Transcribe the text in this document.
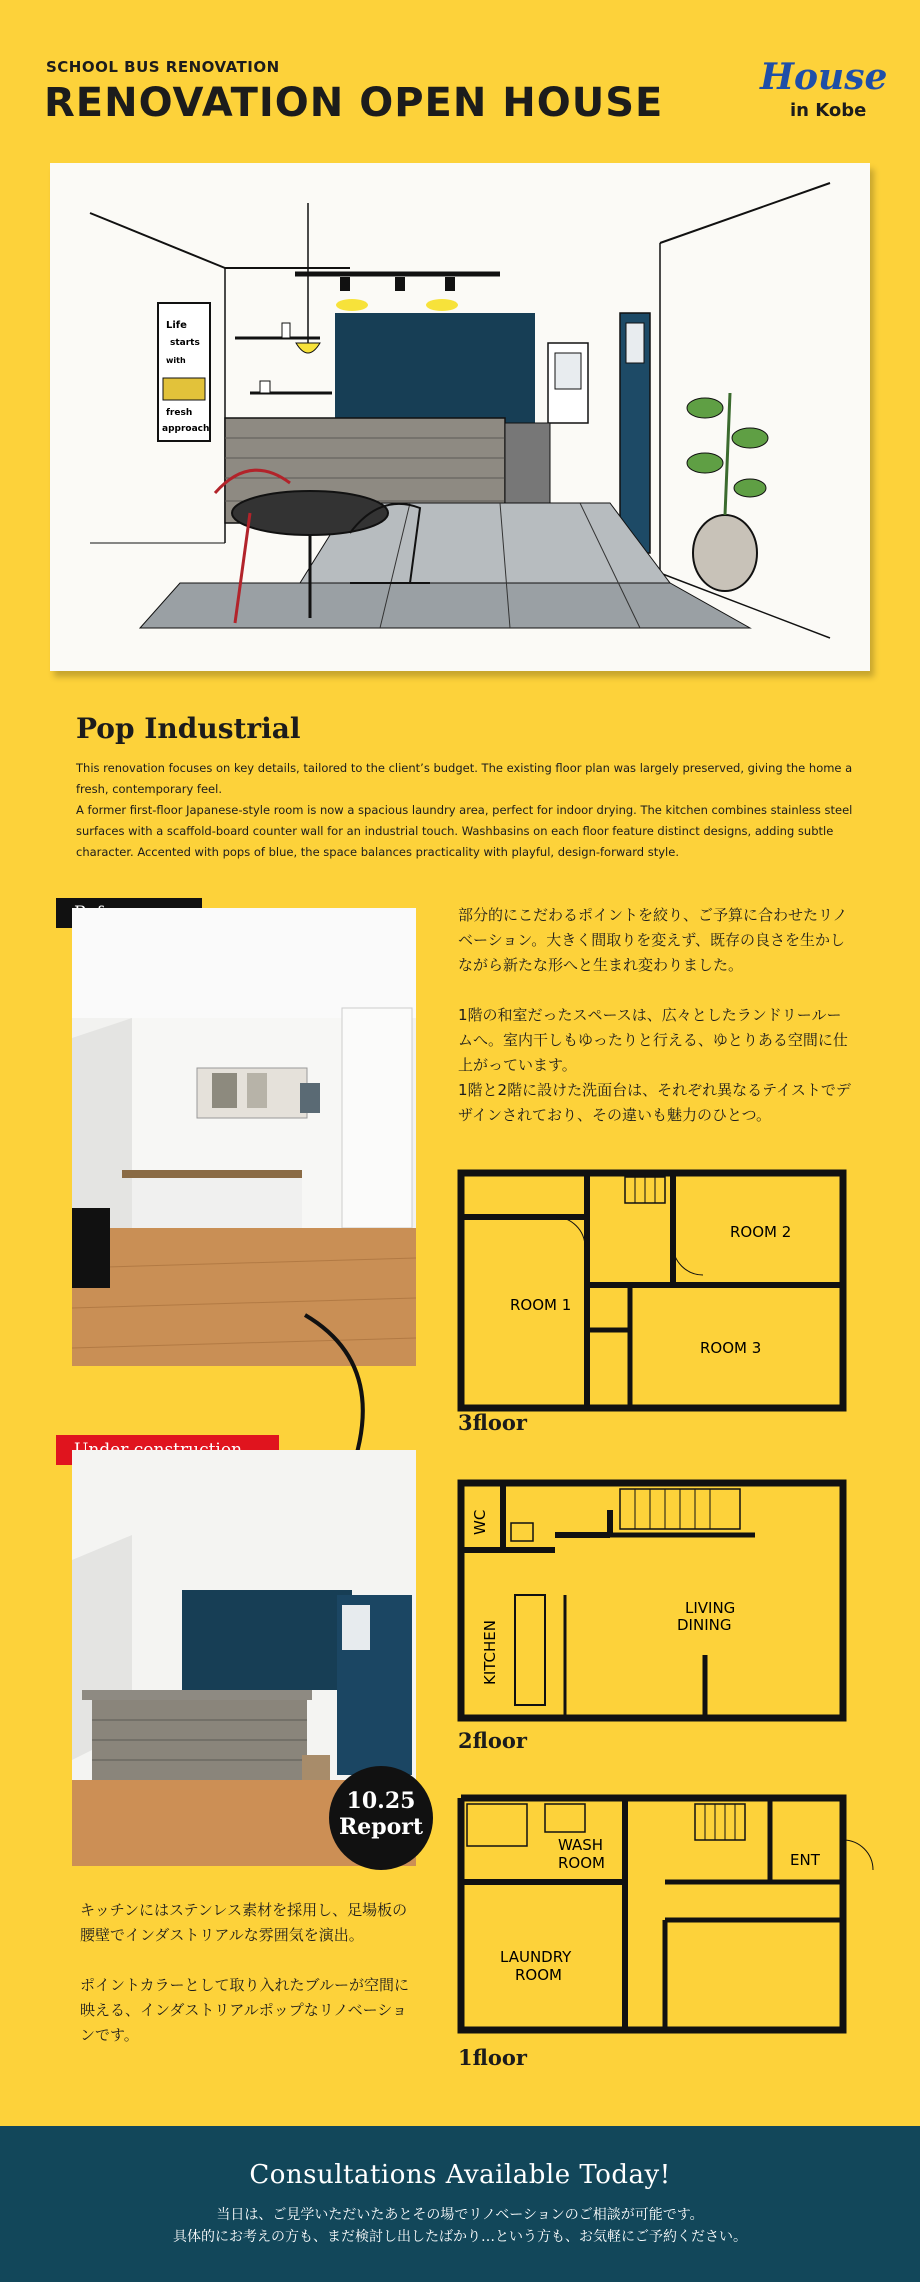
SCHOOL BUS RENOVATION
RENOVATION OPEN HOUSE
House
in Kobe
Life
starts
with
fresh
approach
Pop Industrial

This renovation focuses on key details, tailored to the client’s budget. The existing floor plan was largely preserved, giving the home a fresh, contemporary feel.

A former first-floor Japanese-style room is now a spacious laundry area, perfect for indoor drying. The kitchen combines stainless steel surfaces with a scaffold-board counter wall for an industrial touch. Washbasins on each floor feature distinct designs, adding subtle character. Accented with pops of blue, the space balances practicality with playful, design-forward style.

10.25
Report

部分的にこだわるポイントを絞り、ご予算に合わせたリノベーション。大きく間取りを変えず、既存の良さを生かしながら新たな形へと生まれ変わりました。

1階の和室だったスペースは、広々としたランドリールームへ。室内干しもゆったりと行える、ゆとりある空間に仕上がっています。

1階と2階に設けた洗面台は、それぞれ異なるテイストでデザインされており、その違いも魅力のひとつ。

キッチンにはステンレス素材を採用し、足場板の腰壁でインダストリアルな雰囲気を演出。

ポイントカラーとして取り入れたブルーが空間に映える、インダストリアルポップなリノベーションです。

ROOM 1
ROOM 2
ROOM 3
3floor
WC
KITCHEN
LIVING
DINING
2floor
WASH
ROOM	ENT
LAUNDRY
ROOM
1floor
Consultations Available Today!
当日は、ご見学いただいたあとその場でリノベーションのご相談が可能です。
具体的にお考えの方も、まだ検討し出したばかり…という方も、お気軽にご予約ください。
